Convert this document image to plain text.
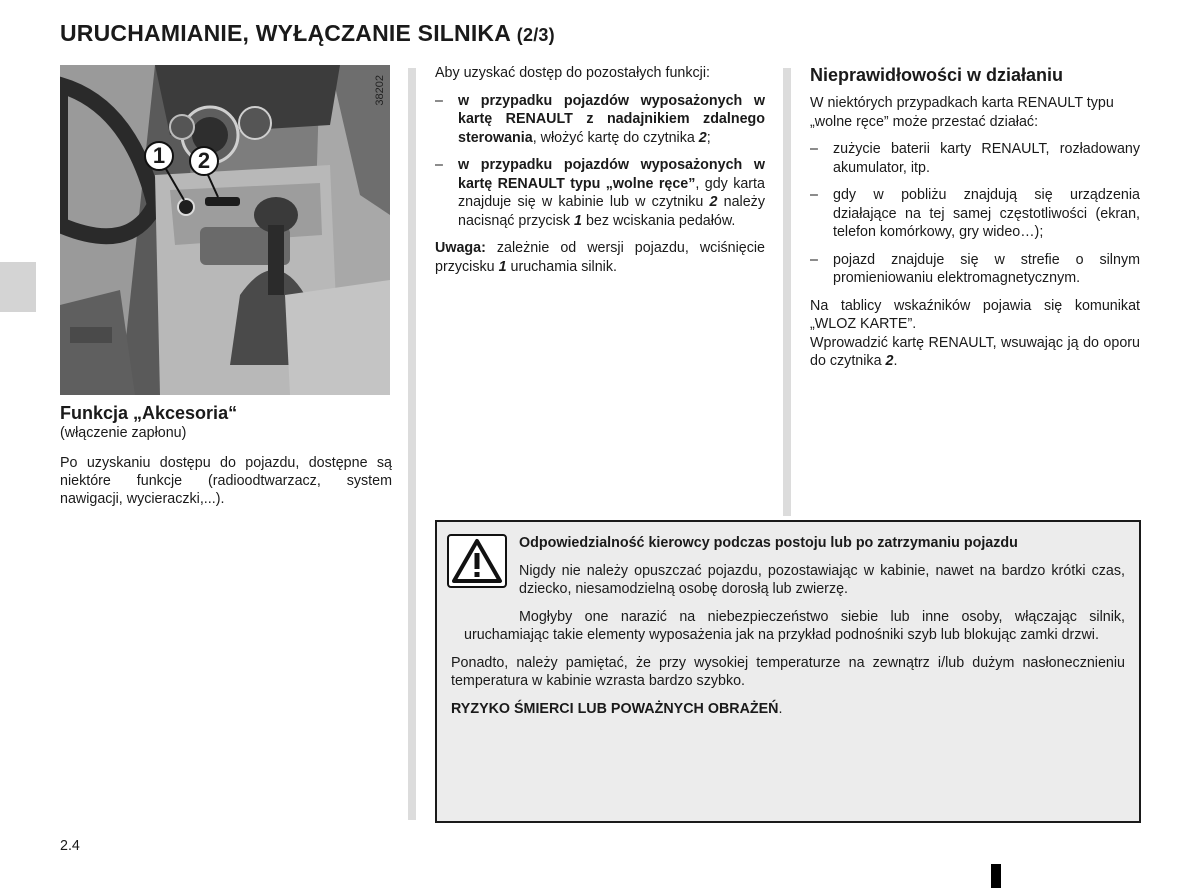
URUCHAMIANIE, WYŁĄCZANIE SILNIKA (2/3)
1	2
38202
Funkcja „Akcesoria“
(włączenie zapłonu)

Po uzyskaniu dostępu do pojazdu, dostępne są niektóre funkcje (radioodtwarzacz, system nawigacji, wycieraczki,...).

Aby uzyskać dostęp do pozostałych funkcji:

– w przypadku pojazdów wyposażonych w kartę RENAULT z nadajnikiem zdalnego sterowania, włożyć kartę do czytnika 2;
– w przypadku pojazdów wyposażonych w kartę RENAULT typu „wolne ręce”, gdy karta znajduje się w kabinie lub w czytniku 2 należy nacisnąć przycisk 1 bez wciskania pedałów.

Uwaga: zależnie od wersji pojazdu, wciśnięcie przycisku 1 uruchamia silnik.

Nieprawidłowości w działaniu

W niektórych przypadkach karta RENAULT typu „wolne ręce” może przestać działać:

– zużycie baterii karty RENAULT, rozładowany akumulator, itp.
– gdy w pobliżu znajdują się urządzenia działające na tej samej częstotliwości (ekran, telefon komórkowy, gry wideo…);
– pojazd znajduje się w strefie o silnym promieniowaniu elektromagnetycznym.

Na tablicy wskaźników pojawia się komunikat „WLOZ KARTE”.

Wprowadzić kartę RENAULT, wsuwając ją do oporu do czytnika 2.

Odpowiedzialność kierowcy podczas postoju lub po zatrzymaniu pojazdu

Nigdy nie należy opuszczać pojazdu, pozostawiając w kabinie, nawet na bardzo krótki czas, dziecko, niesamodzielną osobę dorosłą lub zwierzę.

Mogłyby one narazić na niebezpieczeństwo siebie lub inne osoby, włączając silnik, uruchamiając takie elementy wyposażenia jak na przykład podnośniki szyb lub blokując zamki drzwi.

Ponadto, należy pamiętać, że przy wysokiej temperaturze na zewnątrz i/lub dużym nasłonecznieniu temperatura w kabinie wzrasta bardzo szybko.

RYZYKO ŚMIERCI LUB POWAŻNYCH OBRAŻEŃ.

2.4
